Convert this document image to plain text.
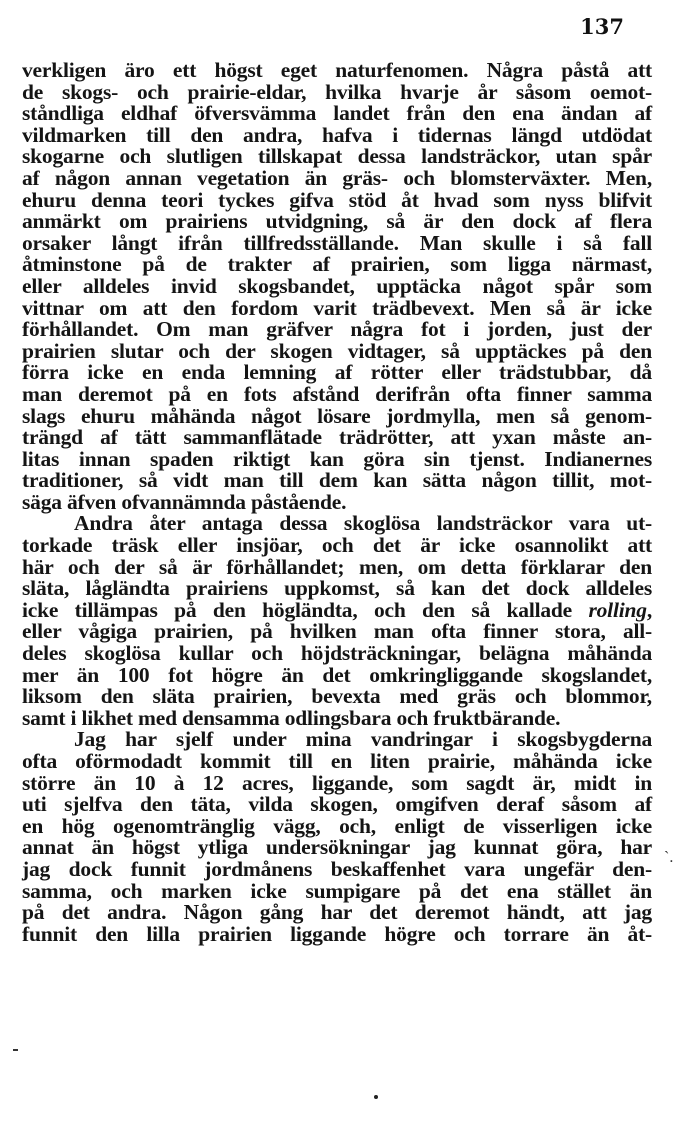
137
verkligen äro ett högst eget naturfenomen. Några påstå att
de skogs- och prairie-eldar, hvilka hvarje år såsom oemot-
ståndliga eldhaf öfversvämma landet från den ena ändan af
vildmarken till den andra, hafva i tidernas längd utdödat
skogarne och slutligen tillskapat dessa landsträckor, utan spår
af någon annan vegetation än gräs- och blomsterväxter. Men,
ehuru denna teori tyckes gifva stöd åt hvad som nyss blifvit
anmärkt om prairiens utvidgning, så är den dock af flera
orsaker långt ifrån tillfredsställande. Man skulle i så fall
åtminstone på de trakter af prairien, som ligga närmast,
eller alldeles invid skogsbandet, upptäcka något spår som
vittnar om att den fordom varit trädbevext. Men så är icke
förhållandet. Om man gräfver några fot i jorden, just der
prairien slutar och der skogen vidtager, så upptäckes på den
förra icke en enda lemning af rötter eller trädstubbar, då
man deremot på en fots afstånd derifrån ofta finner samma
slags ehuru måhända något lösare jordmylla, men så genom-
trängd af tätt sammanflätade trädrötter, att yxan måste an-
litas innan spaden riktigt kan göra sin tjenst. Indianernes
traditioner, så vidt man till dem kan sätta någon tillit, mot-
säga äfven ofvannämnda påstående.
Andra åter antaga dessa skoglösa landsträckor vara ut-
torkade träsk eller insjöar, och det är icke osannolikt att
här och der så är förhållandet; men, om detta förklarar den
släta, lågländta prairiens uppkomst, så kan det dock alldeles
icke tillämpas på den högländta, och den så kallade rolling,
eller vågiga prairien, på hvilken man ofta finner stora, all-
deles skoglösa kullar och höjdsträckningar, belägna måhända
mer än 100 fot högre än det omkringliggande skogslandet,
liksom den släta prairien, bevexta med gräs och blommor,
samt i likhet med densamma odlingsbara och fruktbärande.
Jag har sjelf under mina vandringar i skogsbygderna
ofta oförmodadt kommit till en liten prairie, måhända icke
större än 10 à 12 acres, liggande, som sagdt är, midt in
uti sjelfva den täta, vilda skogen, omgifven deraf såsom af
en hög ogenomtränglig vägg, och, enligt de visserligen icke
annat än högst ytliga undersökningar jag kunnat göra, har
jag dock funnit jordmånens beskaffenhet vara ungefär den-
samma, och marken icke sumpigare på det ena stället än
på det andra. Någon gång har det deremot händt, att jag
funnit den lilla prairien liggande högre och torrare än åt-
`.
